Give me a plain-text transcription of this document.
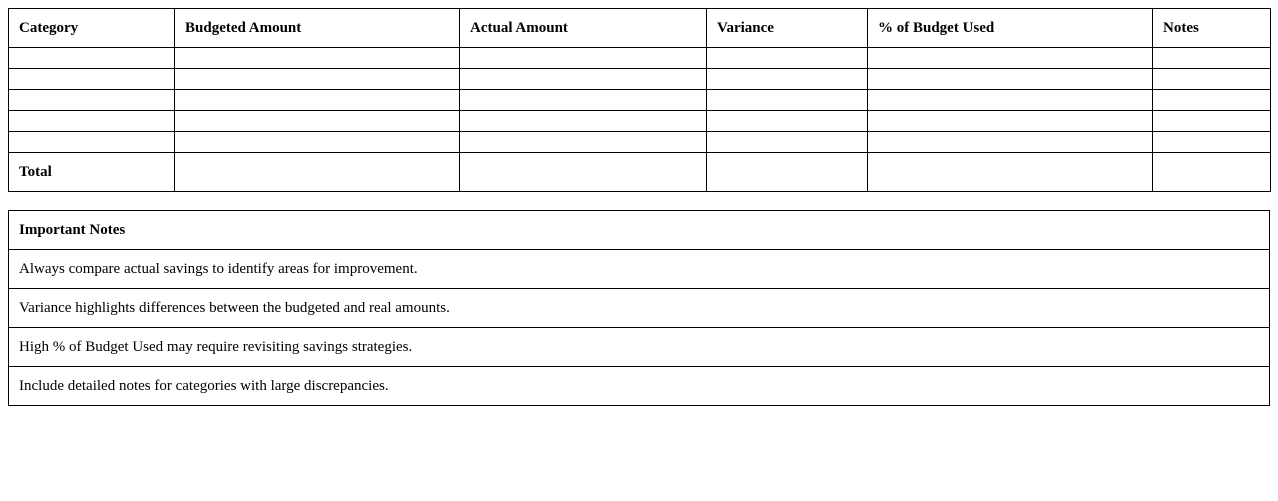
Category	Budgeted Amount	Actual Amount	Variance	% of Budget Used	Notes

Total					
Important Notes
Always compare actual savings to identify areas for improvement.
Variance highlights differences between the budgeted and real amounts.
High % of Budget Used may require revisiting savings strategies.
Include detailed notes for categories with large discrepancies.
